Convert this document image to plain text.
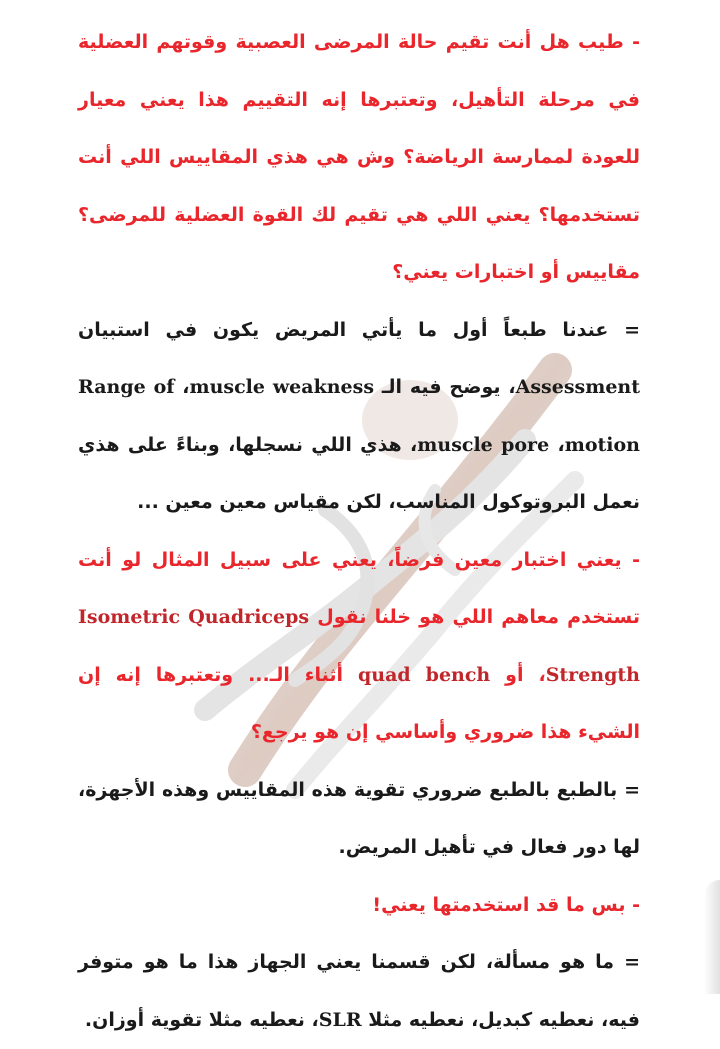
- طيب هل أنت تقيم حالة المرضى العصبية وقوتهم العضلية في مرحلة التأهيل، وتعتبرها إنه التقييم هذا يعني معيار للعودة لممارسة الرياضة؟ وش هي هذي المقاييس اللي أنت تستخدمها؟ يعني اللي هي تقيم لك القوة العضلية للمرضى؟ مقاييس أو اختبارات يعني؟

= عندنا طبعاً أول ما يأتي المريض يكون في استبيان Assessment، يوضح فيه الـ muscle weakness، Range of motion، muscle pore، هذي اللي نسجلها، وبناءً على هذي نعمل البروتوكول المناسب، لكن مقياس معين معين ...

- يعني اختبار معين فرضاً، يعني على سبيل المثال لو أنت تستخدم معاهم اللي هو خلنا نقول Isometric Quadriceps Strength، أو quad bench أثناء الـ... وتعتبرها إنه إن الشيء هذا ضروري وأساسي إن هو يرجع؟

= بالطبع بالطبع ضروري تقوية هذه المقاييس وهذه الأجهزة، لها دور فعال في تأهيل المريض.

- بس ما قد استخدمتها يعني!

= ما هو مسألة، لكن قسمنا يعني الجهاز هذا ما هو متوفر فيه، نعطيه كبديل، نعطيه مثلا SLR، نعطيه مثلا تقوية أوزان.
